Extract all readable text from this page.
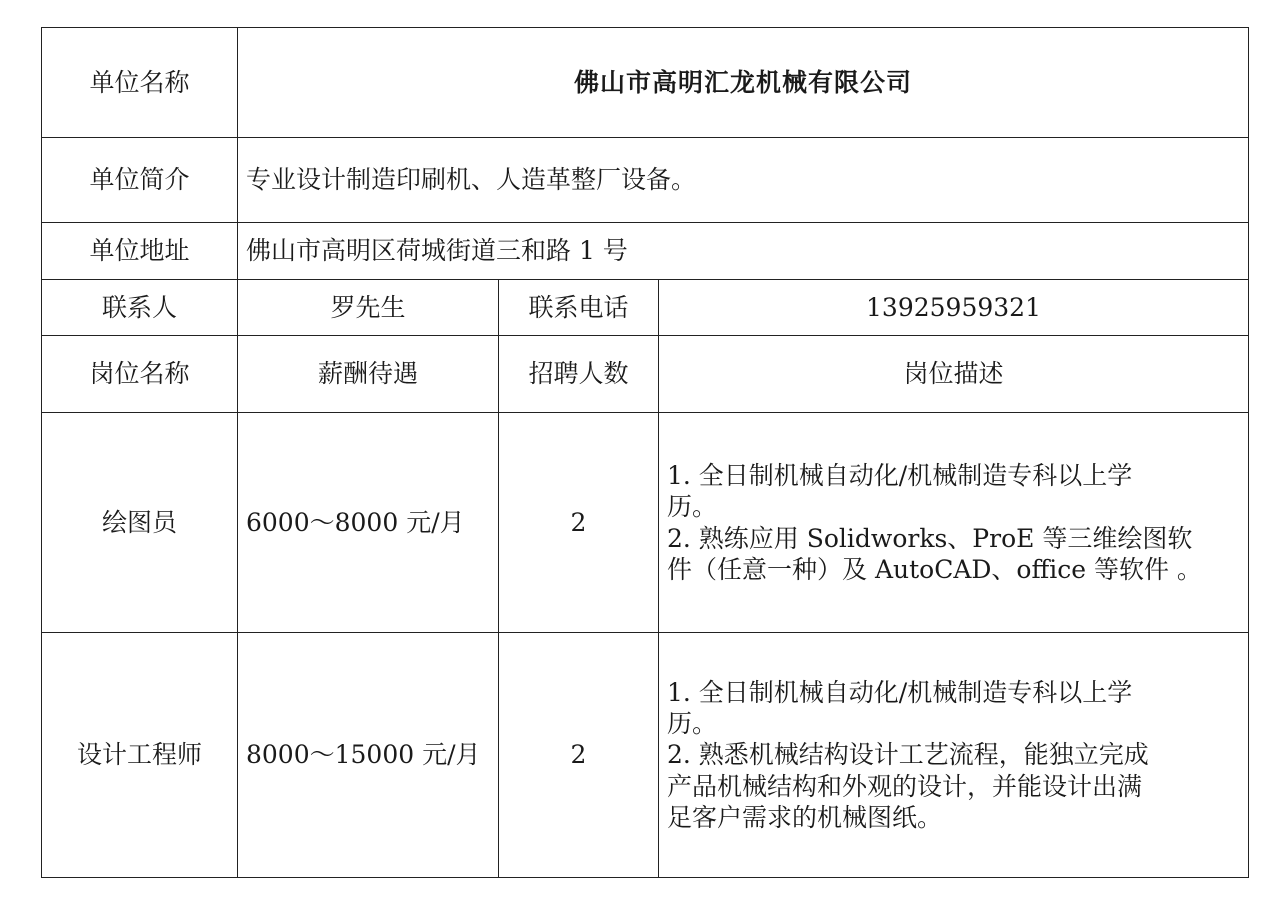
单位名称	佛山市高明汇龙机械有限公司		
单位简介	专业设计制造印刷机、人造革整厂设备。		
单位地址	佛山市高明区荷城街道三和路 1 号		
联系人	罗先生	联系电话	13925959321
岗位名称	薪酬待遇	招聘人数	岗位描述
绘图员	6000～8000 元/月	2	1. 全日制机械自动化/机械制造专科以上学
历。
2. 熟练应用 Solidworks、ProE 等三维绘图软
件（任意一种）及 AutoCAD、office 等软件 。
设计工程师	8000～15000 元/月	2	1. 全日制机械自动化/机械制造专科以上学
历。
2. 熟悉机械结构设计工艺流程，能独立完成
产品机械结构和外观的设计，并能设计出满
足客户需求的机械图纸。
